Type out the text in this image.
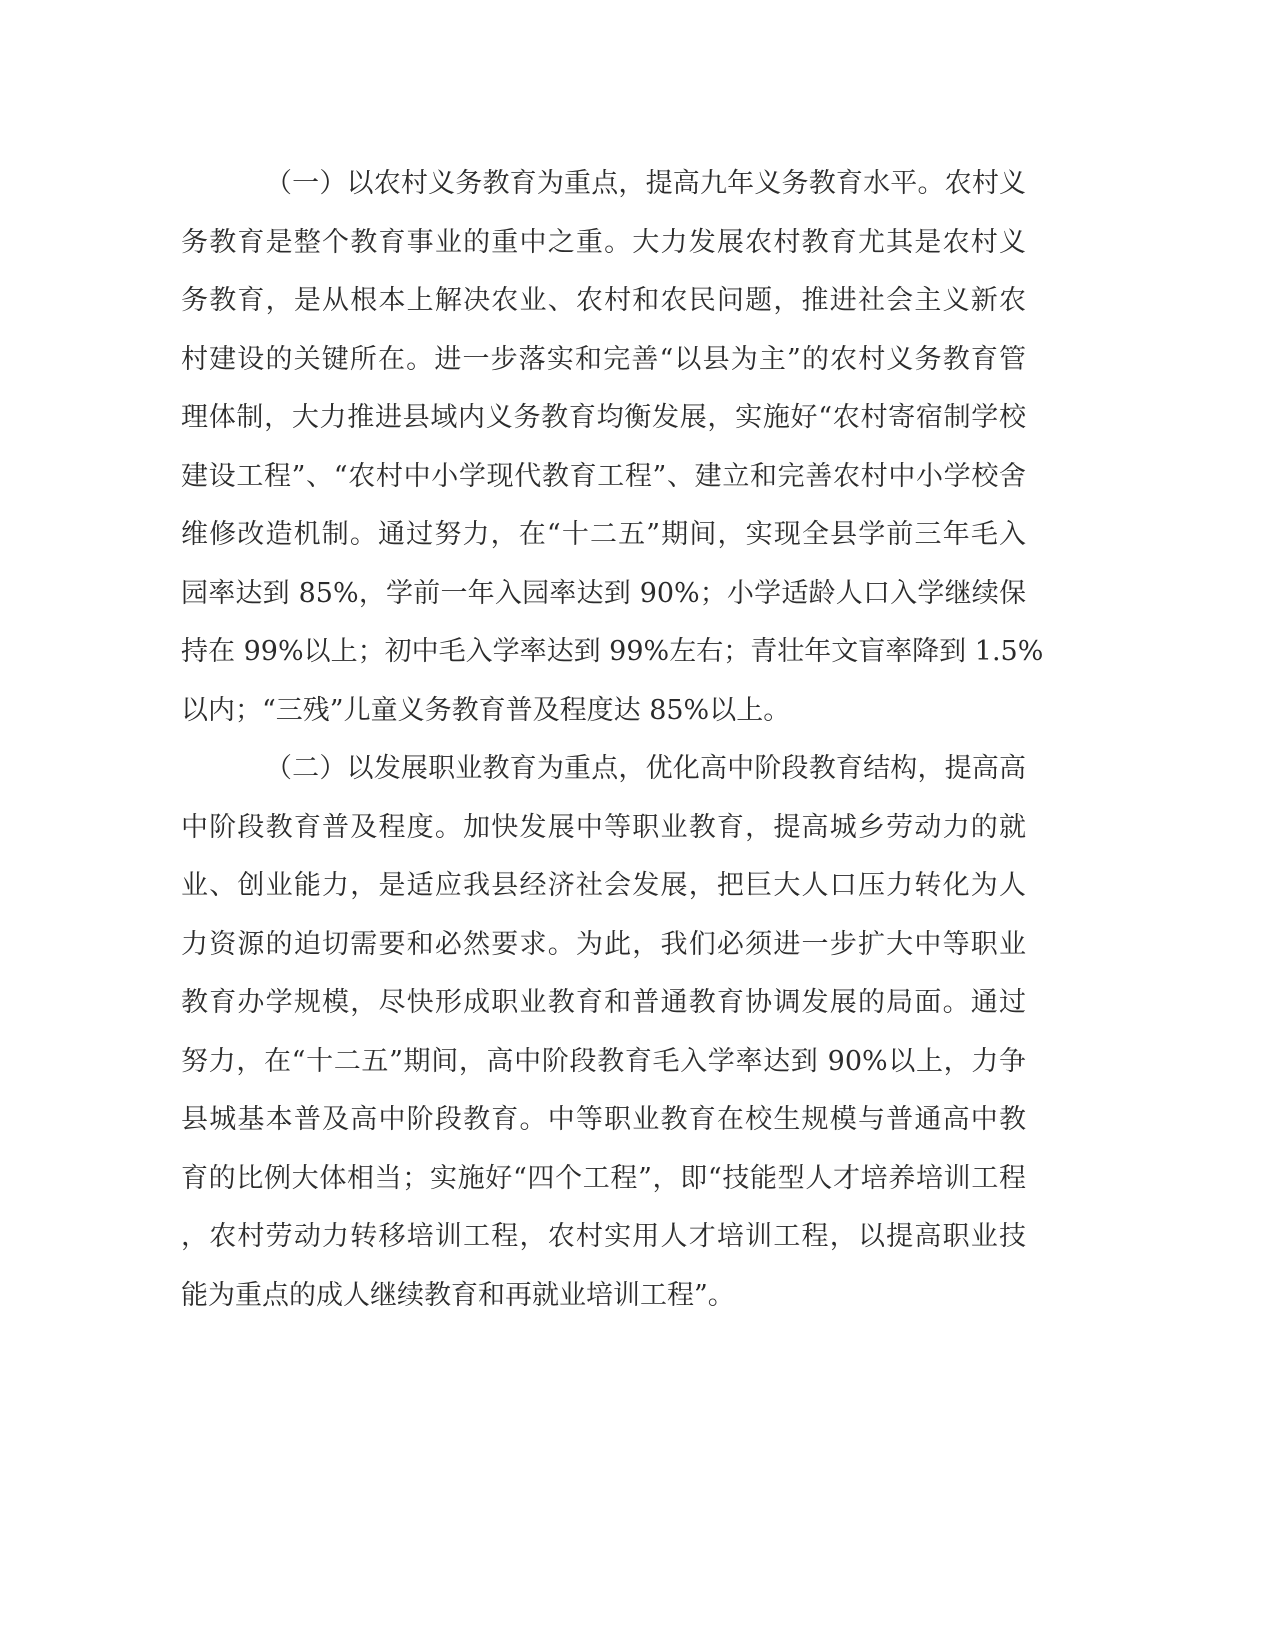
（一）以农村义务教育为重点，提高九年义务教育水平。农村义
务教育是整个教育事业的重中之重。大力发展农村教育尤其是农村义
务教育，是从根本上解决农业、农村和农民问题，推进社会主义新农
村建设的关键所在。进一步落实和完善“以县为主”的农村义务教育管
理体制，大力推进县域内义务教育均衡发展，实施好“农村寄宿制学校
建设工程”、“农村中小学现代教育工程”、建立和完善农村中小学校舍
维修改造机制。通过努力，在“十二五”期间，实现全县学前三年毛入
园率达到 85%，学前一年入园率达到 90%；小学适龄人口入学继续保
持在 99%以上；初中毛入学率达到 99%左右；青壮年文盲率降到 1.5%
以内；“三残”儿童义务教育普及程度达 85%以上。
（二）以发展职业教育为重点，优化高中阶段教育结构，提高高
中阶段教育普及程度。加快发展中等职业教育，提高城乡劳动力的就
业、创业能力，是适应我县经济社会发展，把巨大人口压力转化为人
力资源的迫切需要和必然要求。为此，我们必须进一步扩大中等职业
教育办学规模，尽快形成职业教育和普通教育协调发展的局面。通过
努力，在“十二五”期间，高中阶段教育毛入学率达到 90%以上，力争
县城基本普及高中阶段教育。中等职业教育在校生规模与普通高中教
育的比例大体相当；实施好“四个工程”，即“技能型人才培养培训工程
，农村劳动力转移培训工程，农村实用人才培训工程，以提高职业技
能为重点的成人继续教育和再就业培训工程”。
